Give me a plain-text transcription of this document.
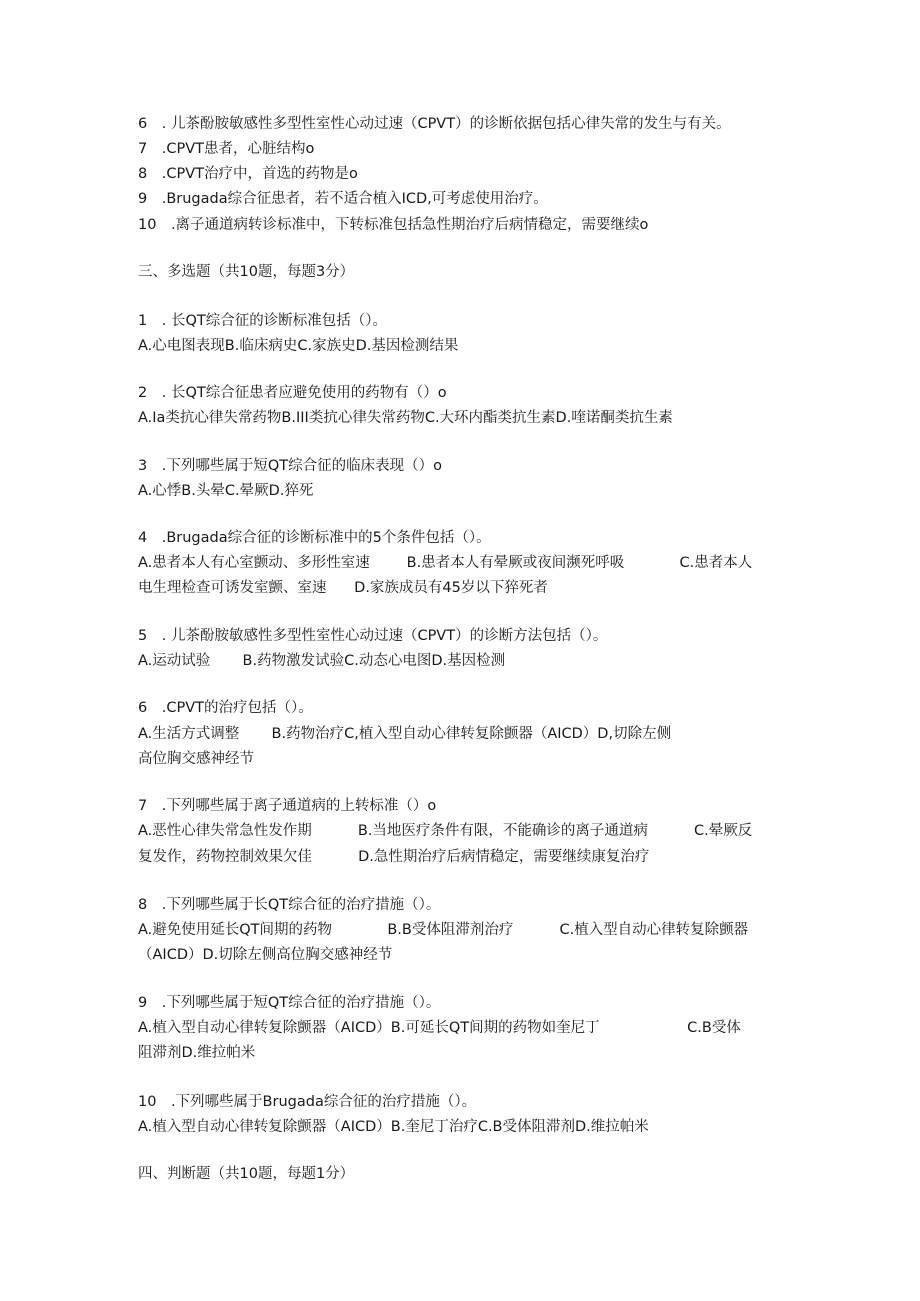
6　. 儿茶酚胺敏感性多型性室性心动过速（CPVT）的诊断依据包括心律失常的发生与有关。
7　.CPVT患者，心脏结构o
8　.CPVT治疗中，首选的药物是o
9　.Brugada综合征患者，若不适合植入ICD,可考虑使用治疗。
10　.离子通道病转诊标准中，下转标准包括急性期治疗后病情稳定，需要继续o
三、多选题（共10题，每题3分）
1　. 长QT综合征的诊断标准包括（）。
A.心电图表现B.临床病史C.家族史D.基因检测结果
2　. 长QT综合征患者应避免使用的药物有（）o
A.Ia类抗心律失常药物B.III类抗心律失常药物C.大环内酯类抗生素D.喹诺酮类抗生素
3　.下列哪些属于短QT综合征的临床表现（）o
A.心悸B.头晕C.晕厥D.猝死
4　.Brugada综合征的诊断标准中的5个条件包括（）。
A.患者本人有心室颤动、多形性室速        B.患者本人有晕厥或夜间濒死呼吸            C.患者本人
电生理检查可诱发室颤、室速      D.家族成员有45岁以下猝死者
5　. 儿茶酚胺敏感性多型性室性心动过速（CPVT）的诊断方法包括（）。
A.运动试验       B.药物激发试验C.动态心电图D.基因检测
6　.CPVT的治疗包括（）。
A.生活方式调整       B.药物治疗C,植入型自动心律转复除颤器（AICD）D,切除左侧
高位胸交感神经节
7　.下列哪些属于离子通道病的上转标准（）o
A.恶性心律失常急性发作期          B.当地医疗条件有限，不能确诊的离子通道病          C.晕厥反
复发作，药物控制效果欠佳          D.急性期治疗后病情稳定，需要继续康复治疗
8　.下列哪些属于长QT综合征的治疗措施（）。
A.避免使用延长QT间期的药物            B.B受体阻滞剂治疗          C.植入型自动心律转复除颤器
（AICD）D.切除左侧高位胸交感神经节
9　.下列哪些属于短QT综合征的治疗措施（）。
A.植入型自动心律转复除颤器（AICD）B.可延长QT间期的药物如奎尼丁                   C.B受体
阻滞剂D.维拉帕米
10　.下列哪些属于Brugada综合征的治疗措施（）。
A.植入型自动心律转复除颤器（AICD）B.奎尼丁治疗C.B受体阻滞剂D.维拉帕米
四、判断题（共10题，每题1分）
